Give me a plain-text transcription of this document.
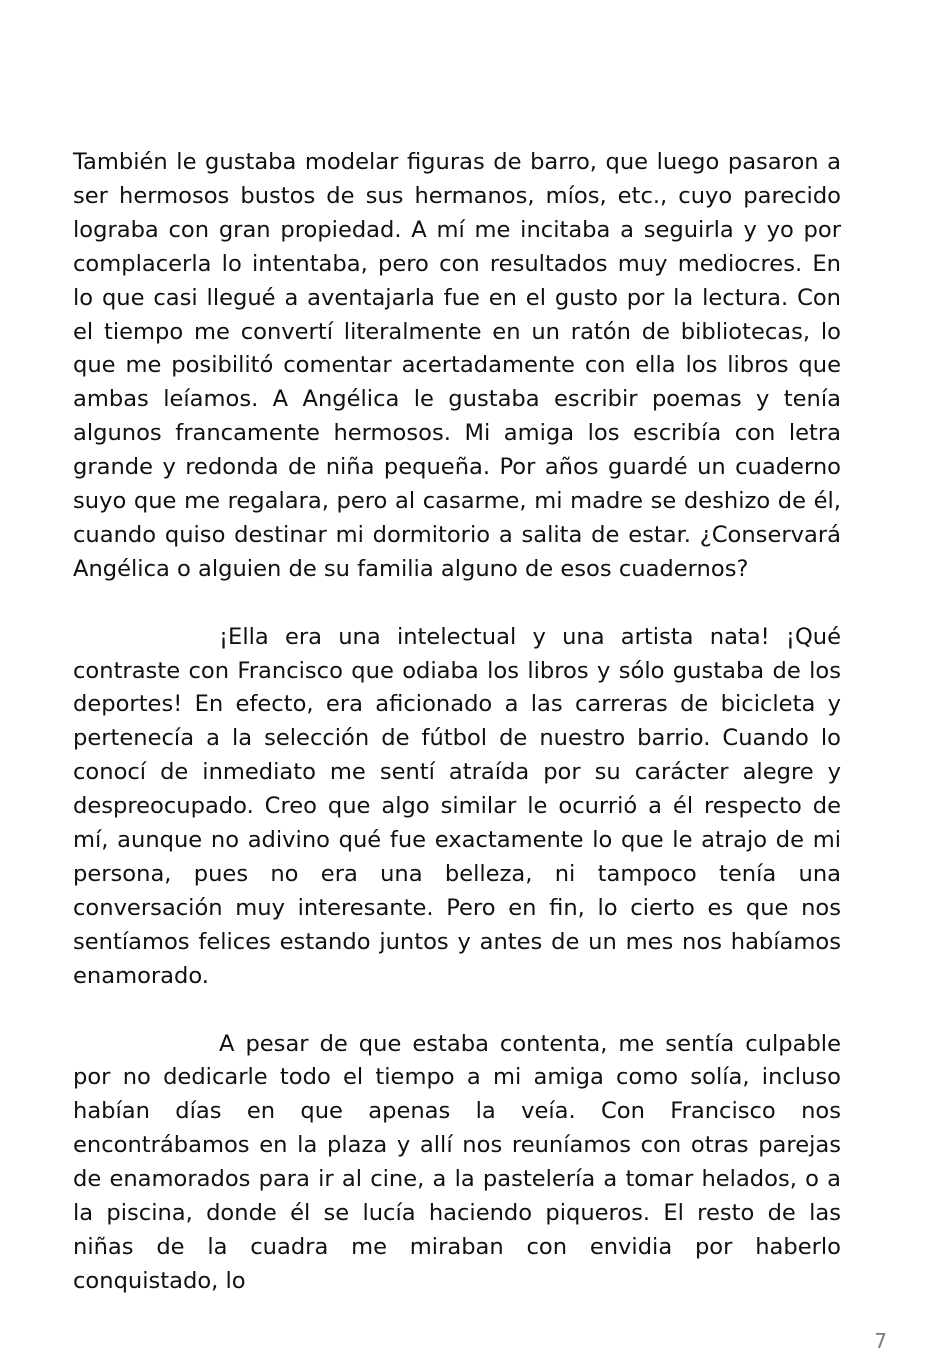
También le gustaba modelar figuras de barro, que luego pasaron a ser hermosos bustos de sus hermanos, míos, etc., cuyo parecido lograba con gran propiedad. A mí me incitaba a seguirla y yo por complacerla lo intentaba, pero con resultados muy mediocres. En lo que casi llegué a aventajarla fue en el gusto por la lectura. Con el tiempo me convertí literalmente en un ratón de bibliotecas, lo que me posibilitó comentar acertadamente con ella los libros que ambas leíamos. A Angélica le gustaba escribir poemas y tenía algunos francamente hermosos. Mi amiga los escribía con letra grande y redonda de niña pequeña. Por años guardé un cuaderno suyo que me regalara, pero al casarme, mi madre se deshizo de él, cuando quiso destinar mi dormitorio a salita de estar. ¿Conservará Angélica o alguien de su familia alguno de esos cuadernos?

¡Ella era una intelectual y una artista nata! ¡Qué contraste con Francisco que odiaba los libros y sólo gustaba de los deportes! En efecto, era aficionado a las carreras de bicicleta y pertenecía a la selección de fútbol de nuestro barrio. Cuando lo conocí de inmediato me sentí atraída por su carácter alegre y despreocupado. Creo que algo similar le ocurrió a él respecto de mí, aunque no adivino qué fue exactamente lo que le atrajo de mi persona, pues no era una belleza, ni tampoco tenía una conversación muy interesante. Pero en fin, lo cierto es que nos sentíamos felices estando juntos y antes de un mes nos habíamos enamorado.

A pesar de que estaba contenta, me sentía culpable por no dedicarle todo el tiempo a mi amiga como solía, incluso habían días en que apenas la veía. Con Francisco nos encontrábamos en la plaza y allí nos reuníamos con otras parejas de enamorados para ir al cine, a la pastelería a tomar helados, o a la piscina, donde él se lucía haciendo piqueros. El resto de las niñas de la cuadra me miraban con envidia por haberlo conquistado, lo

7
